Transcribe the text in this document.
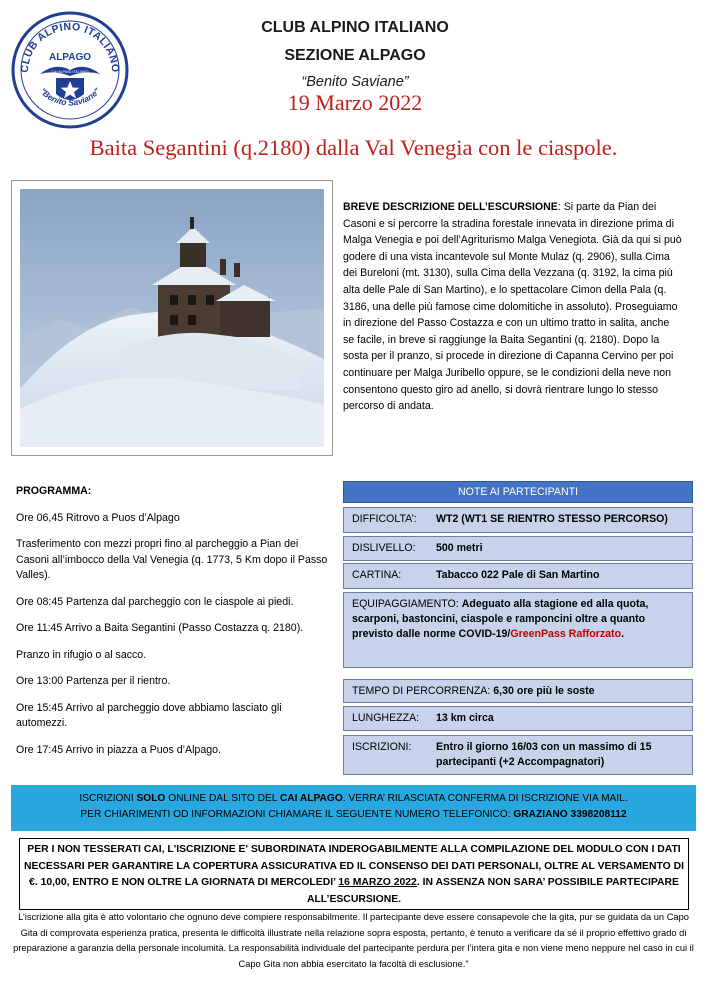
CLUB ALPINO ITALIANO
ALPAGO
CAI ALPINO ITALIANO
"Benito Saviane"
CLUB ALPINO ITALIANO
SEZIONE ALPAGO
“Benito Saviane”
19 Marzo 2022
Baita Segantini (q.2180) dalla Val Venegia con le ciaspole.
BREVE DESCRIZIONE DELL’ESCURSIONE: Si parte da Pian dei Casoni e si percorre la stradina forestale innevata in direzione prima di Malga Venegia e poi dell’Agriturismo Malga Venegiota. Già da qui si può godere di una vista incantevole sul Monte Mulaz (q. 2906), sulla Cima dei Bureloni (mt. 3130), sulla Cima della Vezzana (q. 3192, la cima più alta delle Pale di San Martino), e lo spettacolare Cimon della Pala (q. 3186, una delle più famose cime dolomitiche in assoluto). Proseguiamo in direzione del Passo Costazza e con un ultimo tratto in salita, anche se facile, in breve si raggiunge la Baita Segantini (q. 2180). Dopo la sosta per il pranzo, si procede in direzione di Capanna Cervino per poi continuare per Malga Juribello oppure, se le condizioni della neve non consentono questo giro ad anello, si dovrà rientrare lungo lo stesso percorso di andata.
PROGRAMMA:
Ore 06,45 Ritrovo a Puos d’Alpago
Trasferimento con mezzi propri fino al parcheggio a Pian dei Casoni all’imbocco della Val Venegia (q. 1773, 5 Km dopo il Passo Valles).
Ore 08:45 Partenza dal parcheggio con le ciaspole ai piedi.
Ore 11:45 Arrivo a Baita Segantini (Passo Costazza q. 2180).
Pranzo in rifugio o al sacco.
Ore 13:00 Partenza per il rientro.
Ore 15:45 Arrivo al parcheggio dove abbiamo lasciato gli automezzi.
Ore 17:45 Arrivo in piazza a Puos d’Alpago.
NOTE AI PARTECIPANTI
DIFFICOLTA’: WT2 (WT1 SE RIENTRO STESSO PERCORSO)
DISLIVELLO: 500 metri
CARTINA:	Tabacco 022 Pale di San Martino
EQUIPAGGIAMENTO: Adeguato alla stagione ed alla quota, scarponi, bastoncini, ciaspole e ramponcini oltre a quanto previsto dalle norme COVID-19/GreenPass Rafforzato.
TEMPO DI PERCORRENZA: 6,30 ore più le soste
LUNGHEZZA: 13 km circa
ISCRIZIONI: Entro il giorno 16/03 con un massimo di 15 partecipanti (+2 Accompagnatori)
ISCRIZIONI SOLO ONLINE DAL SITO DEL CAI ALPAGO. VERRA’ RILASCIATA CONFERMA DI ISCRIZIONE VIA MAIL.
PER CHIARIMENTI OD INFORMAZIONI CHIAMARE IL SEGUENTE NUMERO TELEFONICO: GRAZIANO 3398208112
PER I NON TESSERATI CAI, L'ISCRIZIONE E' SUBORDINATA INDEROGABILMENTE ALLA COMPILAZIONE DEL MODULO CON I DATI NECESSARI PER GARANTIRE LA COPERTURA ASSICURATIVA ED IL CONSENSO DEI DATI PERSONALI, OLTRE AL VERSAMENTO DI €. 10,00, ENTRO E NON OLTRE LA GIORNATA DI MERCOLEDI’ 16 MARZO 2022. IN ASSENZA NON SARA’ POSSIBILE PARTECIPARE ALL’ESCURSIONE.
L’iscrizione alla gita è atto volontario che ognuno deve compiere responsabilmente. Il partecipante deve essere consapevole che la gita, pur se guidata da un Capo Gita di comprovata esperienza pratica, presenta le difficoltà illustrate nella relazione sopra esposta, pertanto, è tenuto a verificare da sé il proprio effettivo grado di preparazione a garanzia della personale incolumità. La responsabilità individuale del partecipante perdura per l’intera gita e non viene meno neppure nel caso in cui il Capo Gita non abbia esercitato la facoltà di esclusione.”
